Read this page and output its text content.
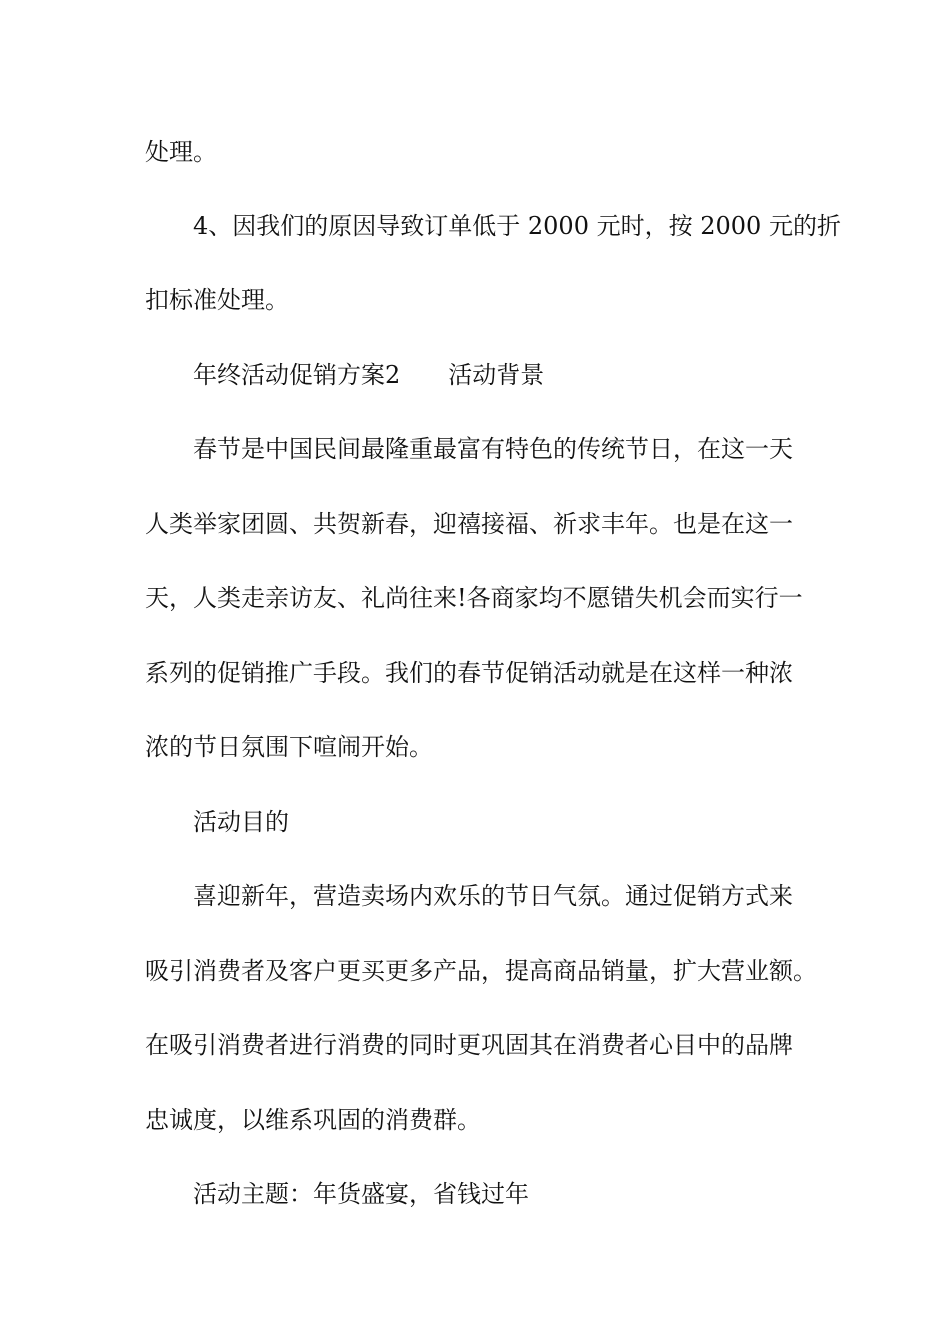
处理。

4、因我们的原因导致订单低于 2000 元时，按 2000 元的折

扣标准处理。

年终活动促销方案2 活动背景

春节是中国民间最隆重最富有特色的传统节日，在这一天

人类举家团圆、共贺新春，迎禧接福、祈求丰年。也是在这一

天，人类走亲访友、礼尚往来!各商家均不愿错失机会而实行一

系列的促销推广手段。我们的春节促销活动就是在这样一种浓

浓的节日氛围下喧闹开始。

活动目的

喜迎新年，营造卖场内欢乐的节日气氛。通过促销方式来

吸引消费者及客户更买更多产品，提高商品销量，扩大营业额。

在吸引消费者进行消费的同时更巩固其在消费者心目中的品牌

忠诚度，以维系巩固的消费群。

活动主题：年货盛宴，省钱过年
